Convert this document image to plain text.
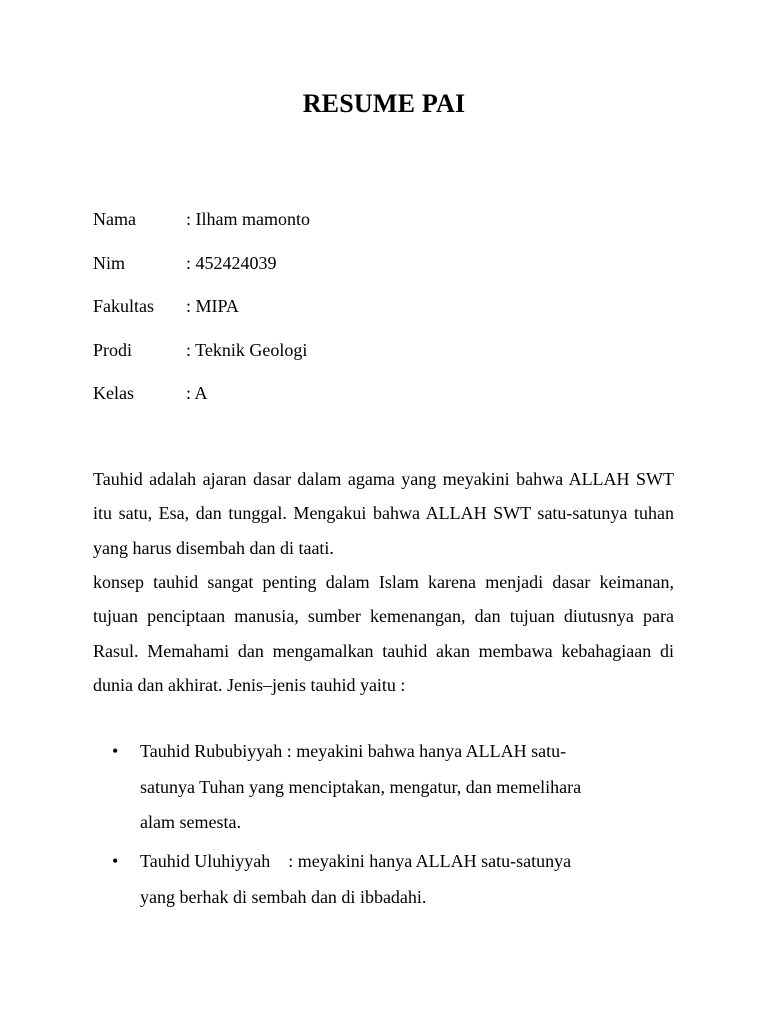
RESUME PAI
Nama	: Ilham mamonto
Nim	: 452424039
Fakultas : MIPA
Prodi	: Teknik Geologi
Kelas	: A

Tauhid adalah ajaran dasar dalam agama yang meyakini bahwa ALLAH SWT itu satu, Esa, dan tunggal. Mengakui bahwa ALLAH SWT satu-satunya tuhan yang harus disembah dan di taati.

konsep tauhid sangat penting dalam Islam karena menjadi dasar keimanan, tujuan penciptaan manusia, sumber kemenangan, dan tujuan diutusnya para Rasul. Memahami dan mengamalkan tauhid akan membawa kebahagiaan di dunia dan akhirat. Jenis–jenis tauhid yaitu :

• Tauhid Rububiyyah : meyakini bahwa hanya ALLAH satu-
satunya Tuhan yang menciptakan, mengatur, dan memelihara
alam semesta.
• Tauhid Uluhiyyah    : meyakini hanya ALLAH satu-satunya
yang berhak di sembah dan di ibbadahi.
